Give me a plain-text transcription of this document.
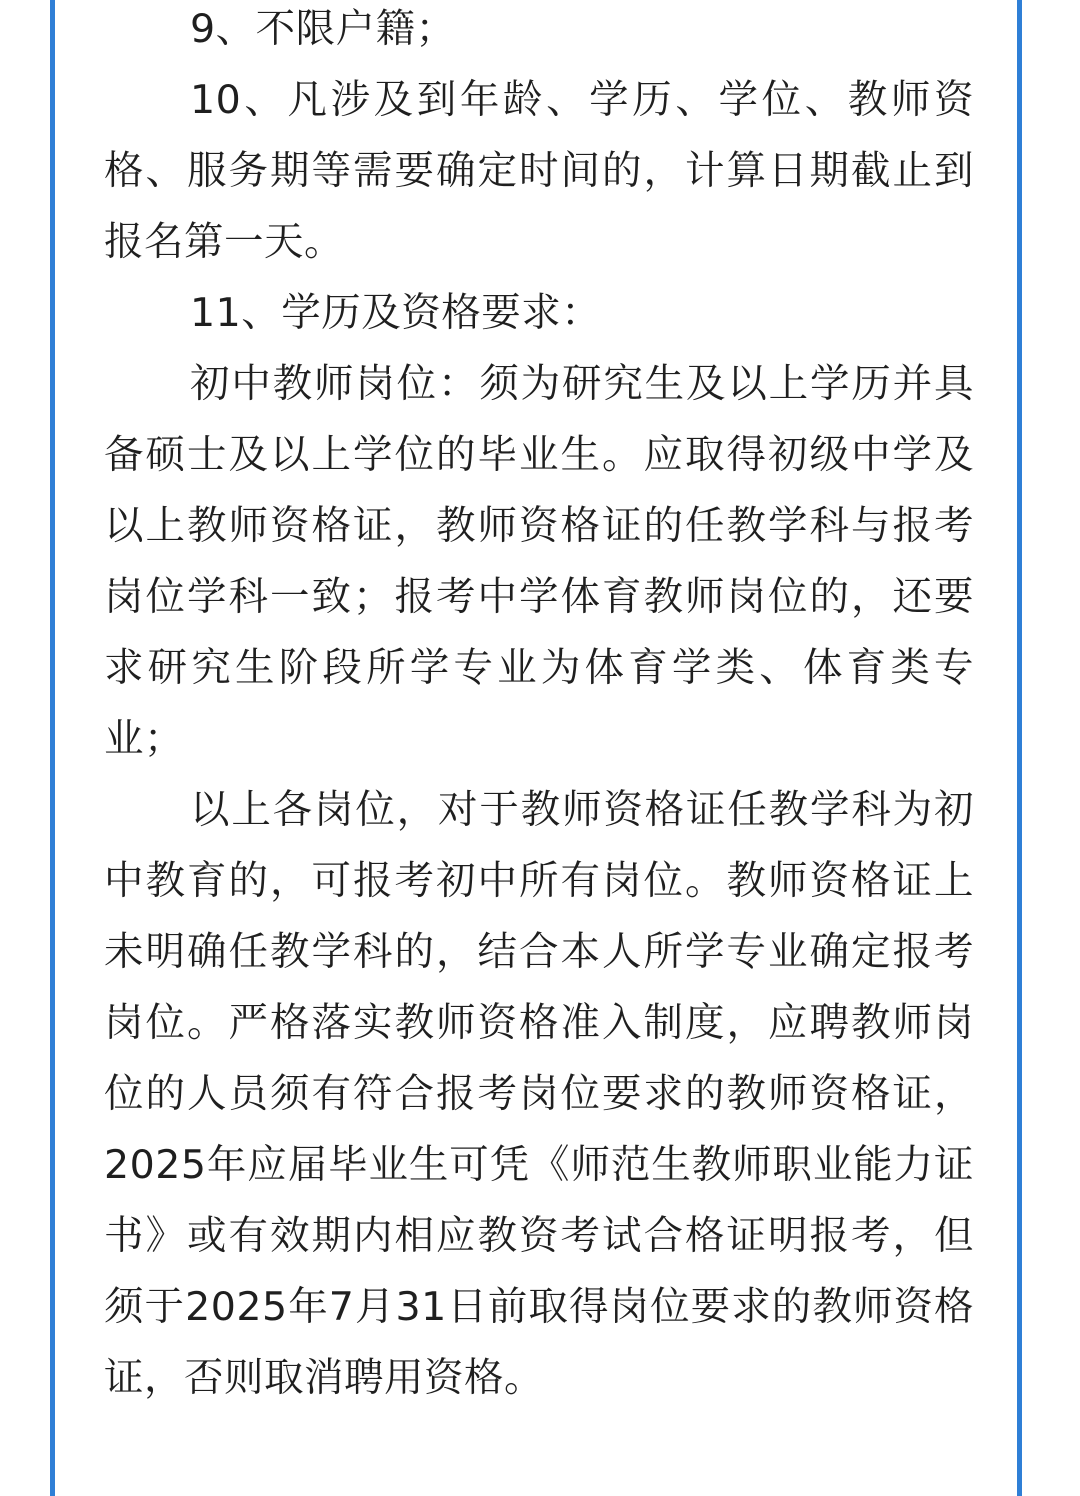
9、不限户籍；

10、凡涉及到年龄、学历、学位、教师资格、服务期等需要确定时间的，计算日期截止到报名第一天。

11、学历及资格要求：

初中教师岗位：须为研究生及以上学历并具备硕士及以上学位的毕业生。应取得初级中学及以上教师资格证，教师资格证的任教学科与报考岗位学科一致；报考中学体育教师岗位的，还要求研究生阶段所学专业为体育学类、体育类专业；

以上各岗位，对于教师资格证任教学科为初中教育的，可报考初中所有岗位。教师资格证上未明确任教学科的，结合本人所学专业确定报考岗位。严格落实教师资格准入制度，应聘教师岗位的人员须有符合报考岗位要求的教师资格证，2025年应届毕业生可凭《师范生教师职业能力证书》或有效期内相应教资考试合格证明报考，但须于2025年7月31日前取得岗位要求的教师资格证，否则取消聘用资格。
